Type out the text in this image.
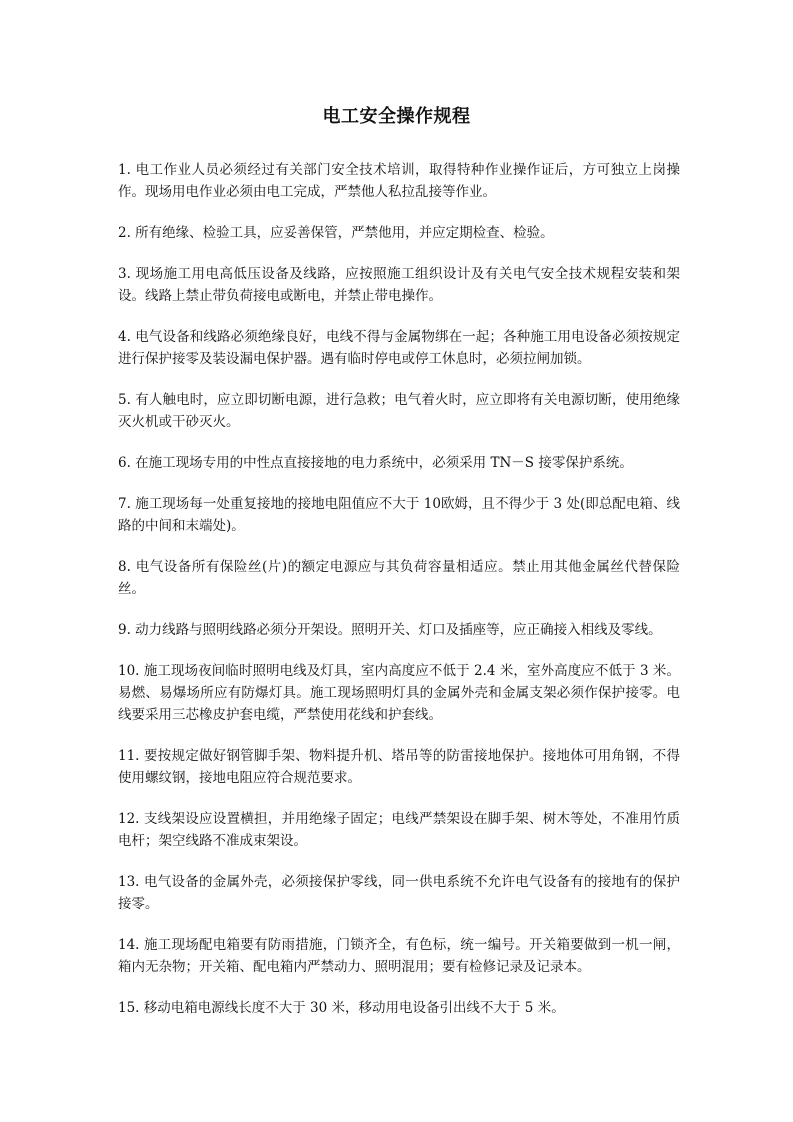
电工安全操作规程

1. 电工作业人员必须经过有关部门安全技术培训，取得特种作业操作证后，方可独立上岗操作。现场用电作业必须由电工完成，严禁他人私拉乱接等作业。

2. 所有绝缘、检验工具，应妥善保管，严禁他用，并应定期检查、检验。

3. 现场施工用电高低压设备及线路，应按照施工组织设计及有关电气安全技术规程安装和架设。线路上禁止带负荷接电或断电，并禁止带电操作。

4. 电气设备和线路必须绝缘良好，电线不得与金属物绑在一起；各种施工用电设备必须按规定进行保护接零及装设漏电保护器。遇有临时停电或停工休息时，必须拉闸加锁。

5. 有人触电时，应立即切断电源，进行急救；电气着火时，应立即将有关电源切断，使用绝缘灭火机或干砂灭火。

6. 在施工现场专用的中性点直接接地的电力系统中，必须采用 TN－S 接零保护系统。

7. 施工现场每一处重复接地的接地电阻值应不大于 10欧姆，且不得少于 3 处(即总配电箱、线路的中间和末端处)。

8. 电气设备所有保险丝(片)的额定电源应与其负荷容量相适应。禁止用其他金属丝代替保险丝。

9. 动力线路与照明线路必须分开架设。照明开关、灯口及插座等，应正确接入相线及零线。

10. 施工现场夜间临时照明电线及灯具，室内高度应不低于 2.4 米，室外高度应不低于 3 米。易燃、易爆场所应有防爆灯具。施工现场照明灯具的金属外壳和金属支架必须作保护接零。电线要采用三芯橡皮护套电缆，严禁使用花线和护套线。

11. 要按规定做好钢管脚手架、物料提升机、塔吊等的防雷接地保护。接地体可用角钢，不得使用螺纹钢，接地电阻应符合规范要求。

12. 支线架设应设置横担，并用绝缘子固定；电线严禁架设在脚手架、树木等处，不准用竹质电杆；架空线路不准成束架设。

13. 电气设备的金属外壳，必须接保护零线，同一供电系统不允许电气设备有的接地有的保护接零。

14. 施工现场配电箱要有防雨措施，门锁齐全，有色标，统一编号。开关箱要做到一机一闸，箱内无杂物；开关箱、配电箱内严禁动力、照明混用；要有检修记录及记录本。

15. 移动电箱电源线长度不大于 30 米，移动用电设备引出线不大于 5 米。
